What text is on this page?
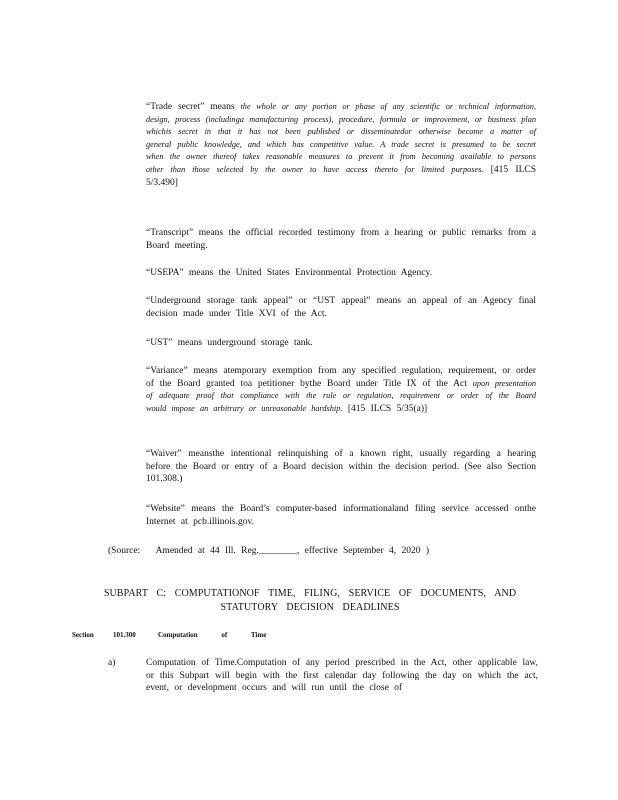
“Trade secret” means the whole or any portion or phase of any scientific or technical information, design, process (includinga manufacturing process), procedure, formula or improvement, or business plan whichis secret in that it has not been published or disseminatedor otherwise become a matter of general public knowledge, and which has competitive value. A trade secret is presumed to be secret when the owner thereof takes reasonable measures to prevent it from becoming available to persons other than those selected by the owner to have access thereto for limited purposes. [415 ILCS 5/3.490]
“Transcript” means the official recorded testimony from a hearing or public remarks from a Board meeting.
“USEPA” means the United States Environmental Protection Agency.
“Underground storage tank appeal” or “UST appeal” means an appeal of an Agency final decision made under Title XVI of the Act.
“UST” means underground storage tank.
“Variance” means atemporary exemption from any specified regulation, requirement, or order of the Board granted toa petitioner bythe Board under Title IX of the Act upon presentation of adequate proof that compliance with the rule or regulation, requirement or order of the Board would impose an arbitrary or unreasonable hardship. [415 ILCS 5/35(a)]
“Waiver” meansthe intentional relinquishing of a known right, usually regarding a hearing before the Board or entry of a Board decision within the decision period. (See also Section 101.308.)
“Website” means the Board’s computer-based informationaland filing service accessed onthe Internet at pcb.illinois.gov.
(Source: Amended at 44 Ill. Reg.________, effective September 4, 2020 )
SUBPART C: COMPUTATIONOF TIME, FILING, SERVICE OF DOCUMENTS, AND
STATUTORY DECISION DEADLINES
Section	101.300	Computation of Time
a)	Computation of Time.Computation of any period prescribed in the Act, other applicable law, or this Subpart will begin with the first calendar day following the day on which the act, event, or development occurs and will run until the close of
